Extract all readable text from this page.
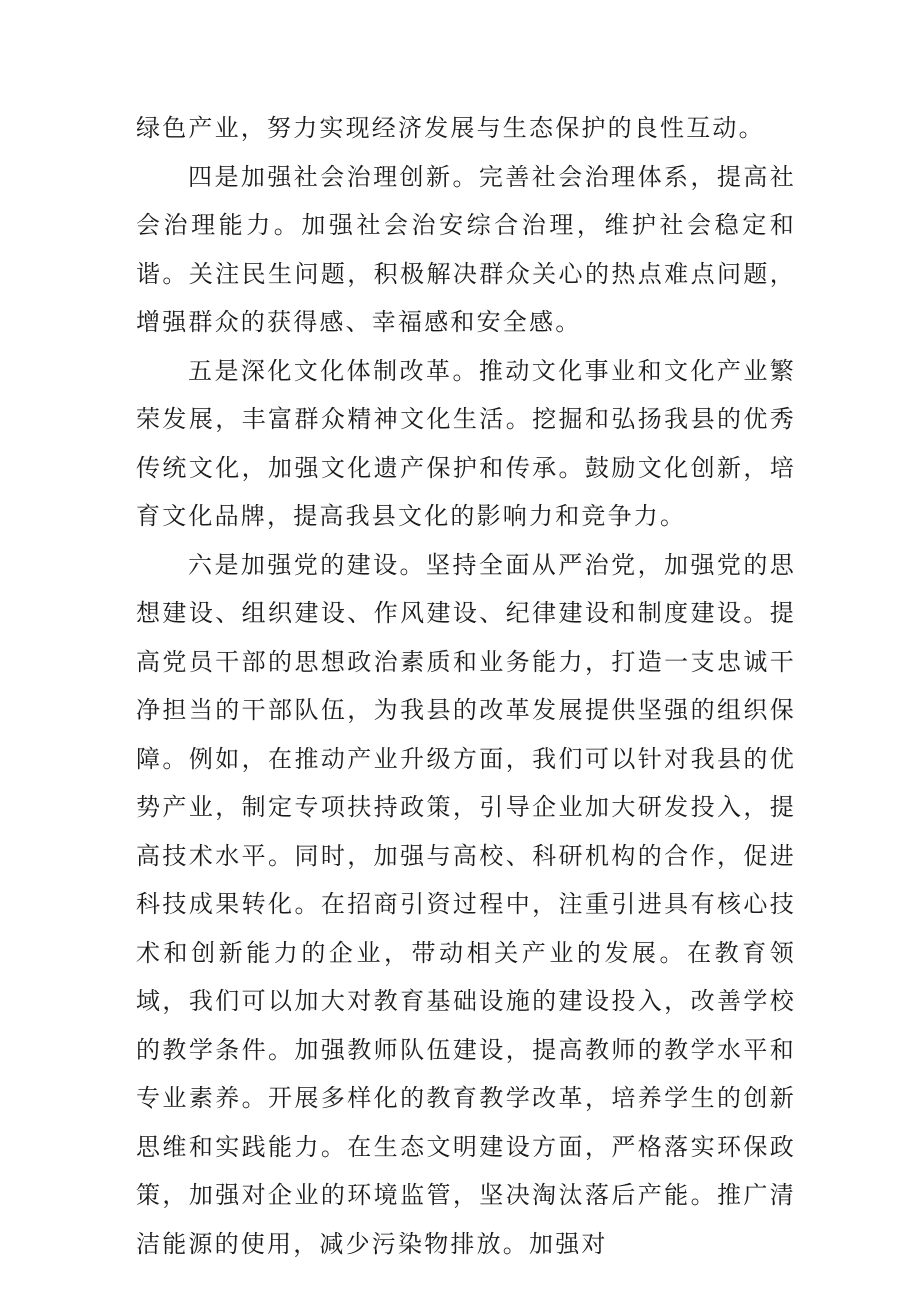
绿色产业，努力实现经济发展与生态保护的良性互动。

四是加强社会治理创新。完善社会治理体系，提高社会治理能力。加强社会治安综合治理，维护社会稳定和谐。关注民生问题，积极解决群众关心的热点难点问题，增强群众的获得感、幸福感和安全感。

五是深化文化体制改革。推动文化事业和文化产业繁荣发展，丰富群众精神文化生活。挖掘和弘扬我县的优秀传统文化，加强文化遗产保护和传承。鼓励文化创新，培育文化品牌，提高我县文化的影响力和竞争力。

六是加强党的建设。坚持全面从严治党，加强党的思想建设、组织建设、作风建设、纪律建设和制度建设。提高党员干部的思想政治素质和业务能力，打造一支忠诚干净担当的干部队伍，为我县的改革发展提供坚强的组织保障。例如，在推动产业升级方面，我们可以针对我县的优势产业，制定专项扶持政策，引导企业加大研发投入，提高技术水平。同时，加强与高校、科研机构的合作，促进科技成果转化。在招商引资过程中，注重引进具有核心技术和创新能力的企业，带动相关产业的发展。在教育领域，我们可以加大对教育基础设施的建设投入，改善学校的教学条件。加强教师队伍建设，提高教师的教学水平和专业素养。开展多样化的教育教学改革，培养学生的创新思维和实践能力。在生态文明建设方面，严格落实环保政策，加强对企业的环境监管，坚决淘汰落后产能。推广清洁能源的使用，减少污染物排放。加强对
